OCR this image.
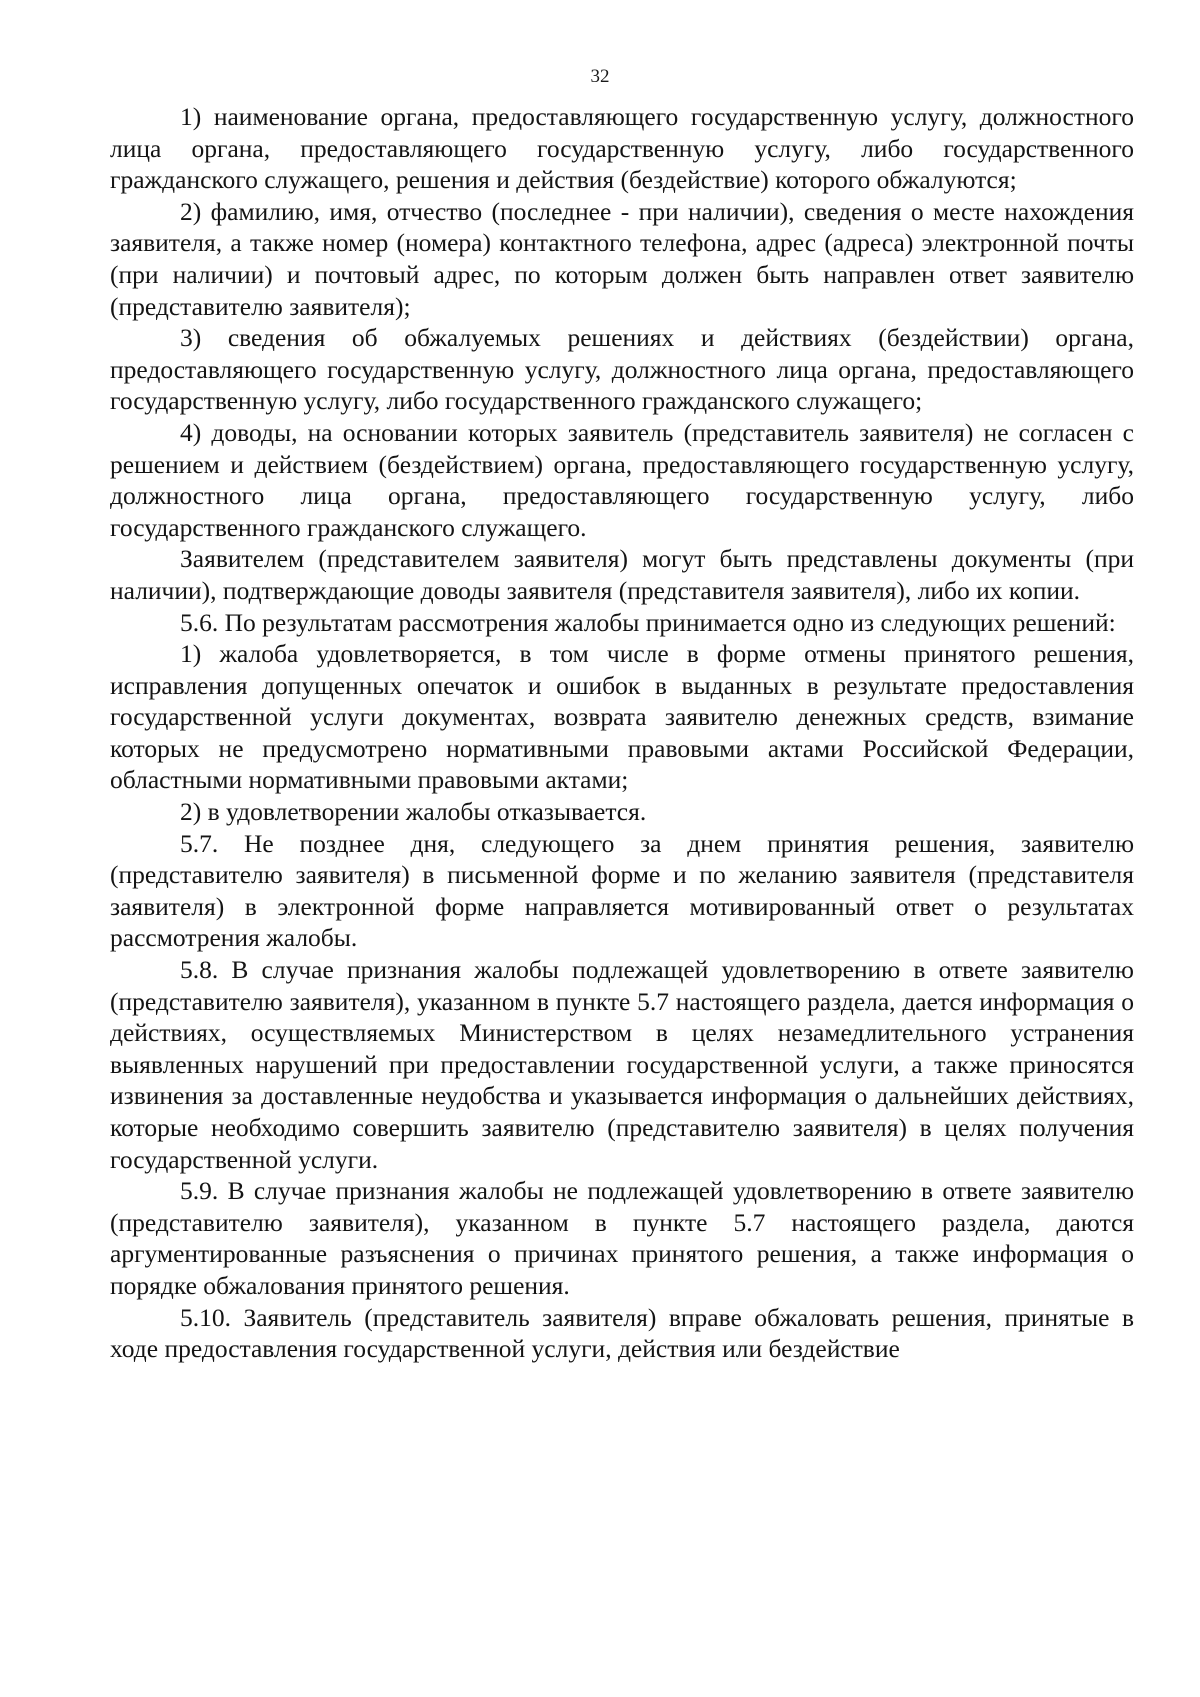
32

1) наименование органа, предоставляющего государственную услугу, должностного лица органа, предоставляющего государственную услугу, либо государственного гражданского служащего, решения и действия (бездействие) которого обжалуются;

2) фамилию, имя, отчество (последнее - при наличии), сведения о месте нахождения заявителя, а также номер (номера) контактного телефона, адрес (адреса) электронной почты (при наличии) и почтовый адрес, по которым должен быть направлен ответ заявителю (представителю заявителя);

3) сведения об обжалуемых решениях и действиях (бездействии) органа, предоставляющего государственную услугу, должностного лица органа, предоставляющего государственную услугу, либо государственного гражданского служащего;

4) доводы, на основании которых заявитель (представитель заявителя) не согласен с решением и действием (бездействием) органа, предоставляющего государственную услугу, должностного лица органа, предоставляющего государственную услугу, либо государственного гражданского служащего.

Заявителем (представителем заявителя) могут быть представлены документы (при наличии), подтверждающие доводы заявителя (представителя заявителя), либо их копии.

5.6. По результатам рассмотрения жалобы принимается одно из следующих решений:

1) жалоба удовлетворяется, в том числе в форме отмены принятого решения, исправления допущенных опечаток и ошибок в выданных в результате предоставления государственной услуги документах, возврата заявителю денежных средств, взимание которых не предусмотрено нормативными правовыми актами Российской Федерации, областными нормативными правовыми актами;

2) в удовлетворении жалобы отказывается.

5.7. Не позднее дня, следующего за днем принятия решения, заявителю (представителю заявителя) в письменной форме и по желанию заявителя (представителя заявителя) в электронной форме направляется мотивированный ответ о результатах рассмотрения жалобы.

5.8. В случае признания жалобы подлежащей удовлетворению в ответе заявителю (представителю заявителя), указанном в пункте 5.7 настоящего раздела, дается информация о действиях, осуществляемых Министерством в целях незамедлительного устранения выявленных нарушений при предоставлении государственной услуги, а также приносятся извинения за доставленные неудобства и указывается информация о дальнейших действиях, которые необходимо совершить заявителю (представителю заявителя) в целях получения государственной услуги.

5.9. В случае признания жалобы не подлежащей удовлетворению в ответе заявителю (представителю заявителя), указанном в пункте 5.7 настоящего раздела, даются аргументированные разъяснения о причинах принятого решения, а также информация о порядке обжалования принятого решения.

5.10. Заявитель (представитель заявителя) вправе обжаловать решения, принятые в ходе предоставления государственной услуги, действия или бездействие
